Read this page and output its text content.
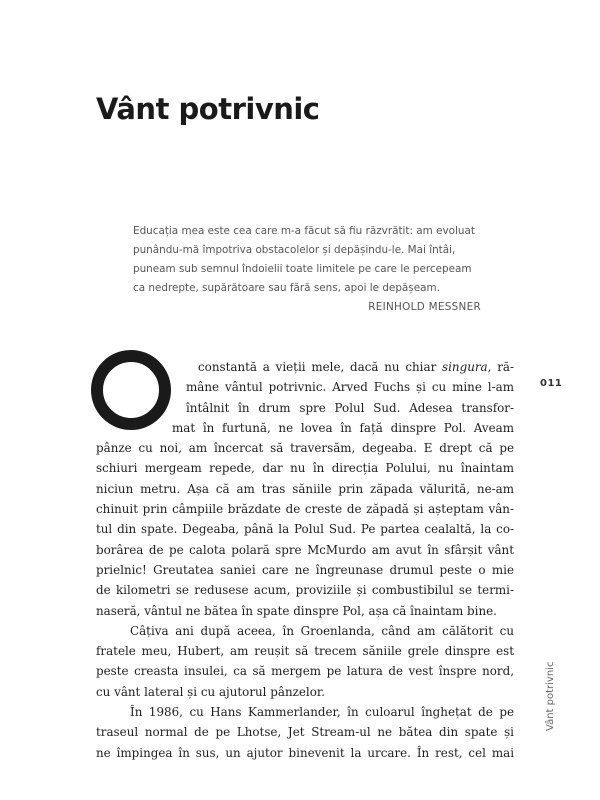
Vânt potrivnic
Educația mea este cea care m-a făcut să fiu răzvrătit: am evoluat
punându-mă împotriva obstacolelor și depășindu-le. Mai întâi,
puneam sub semnul îndoielii toate limitele pe care le percepeam
ca nedrepte, supărătoare sau fără sens, apoi le depășeam.
REINHOLD MESSNER
constantă a vieții mele, dacă nu chiar singura, ră-
mâne vântul potrivnic. Arved Fuchs și cu mine l-am
întâlnit în drum spre Polul Sud. Adesea transfor-
mat în furtună, ne lovea în față dinspre Pol. Aveam
pânze cu noi, am încercat să traversăm, degeaba. E drept că pe
schiuri mergeam repede, dar nu în direcția Polului, nu înaintam
niciun metru. Așa că am tras săniile prin zăpada vălurită, ne-am
chinuit prin câmpiile brăzdate de creste de zăpadă și așteptam vân-
tul din spate. Degeaba, până la Polul Sud. Pe partea cealaltă, la co-
borârea de pe calota polară spre McMurdo am avut în sfârșit vânt
prielnic! Greutatea saniei care ne îngreunase drumul peste o mie
de kilometri se redusese acum, proviziile și combustibilul se termi-
naseră, vântul ne bătea în spate dinspre Pol, așa că înaintam bine.
Câțiva ani după aceea, în Groenlanda, când am călătorit cu
fratele meu, Hubert, am reușit să trecem săniile grele dinspre est
peste creasta insulei, ca să mergem pe latura de vest înspre nord,
cu vânt lateral și cu ajutorul pânzelor.
În 1986, cu Hans Kammerlander, în culoarul înghețat de pe
traseul normal de pe Lhotse, Jet Stream-ul ne bătea din spate și
ne împingea în sus, un ajutor binevenit la urcare. În rest, cel mai
011
Vânt potrivnic
